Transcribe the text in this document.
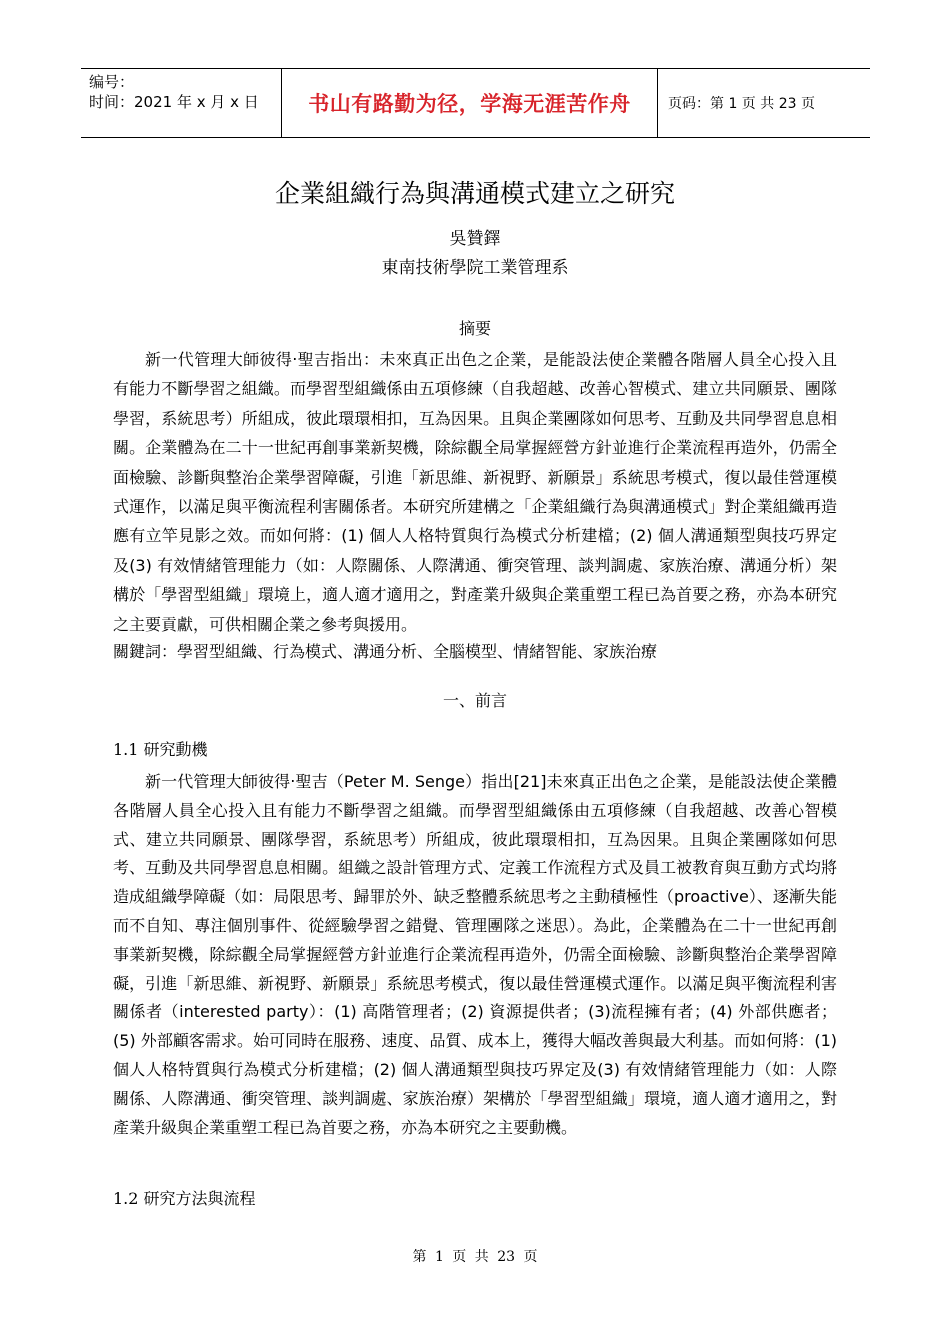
编号：
时间：2021 年 x 月 x 日	书山有路勤为径，学海无涯苦作舟	页码：第 1 页 共 23 页
企業組織行為與溝通模式建立之研究
吳贊鐸
東南技術學院工業管理系
摘要

新一代管理大師彼得‧聖吉指出：未來真正出色之企業，是能設法使企業體各階層人員全心投入且有能力不斷學習之組織。而學習型組織係由五項修練（自我超越、改善心智模式、建立共同願景、團隊學習，系統思考）所組成，彼此環環相扣，互為因果。且與企業團隊如何思考、互動及共同學習息息相關。企業體為在二十一世紀再創事業新契機，除綜觀全局掌握經營方針並進行企業流程再造外，仍需全面檢驗、診斷與整治企業學習障礙，引進「新思維、新視野、新願景」系統思考模式，復以最佳營運模式運作，以滿足與平衡流程利害關係者。本研究所建構之「企業組織行為與溝通模式」對企業組織再造應有立竿見影之效。而如何將：(1) 個人人格特質與行為模式分析建檔；(2) 個人溝通類型與技巧界定及(3) 有效情緒管理能力（如：人際關係、人際溝通、衝突管理、談判調處、家族治療、溝通分析）架構於「學習型組織」環境上，適人適才適用之，對產業升級與企業重塑工程已為首要之務，亦為本研究之主要貢獻，可供相關企業之參考與援用。

關鍵詞：學習型組織、行為模式、溝通分析、全腦模型、情緒智能、家族治療
一、前言
1.1 研究動機

新一代管理大師彼得‧聖吉（Peter M. Senge）指出[21]未來真正出色之企業，是能設法使企業體各階層人員全心投入且有能力不斷學習之組織。而學習型組織係由五項修練（自我超越、改善心智模式、建立共同願景、團隊學習，系統思考）所組成，彼此環環相扣，互為因果。且與企業團隊如何思考、互動及共同學習息息相關。組織之設計管理方式、定義工作流程方式及員工被教育與互動方式均將造成組織學障礙（如：局限思考、歸罪於外、缺乏整體系統思考之主動積極性（proactive）、逐漸失能而不自知、專注個別事件、從經驗學習之錯覺、管理團隊之迷思）。為此，企業體為在二十一世紀再創事業新契機，除綜觀全局掌握經營方針並進行企業流程再造外，仍需全面檢驗、診斷與整治企業學習障礙，引進「新思維、新視野、新願景」系統思考模式，復以最佳營運模式運作。以滿足與平衡流程利害關係者（interested party）：(1) 高階管理者；(2) 資源提供者；(3)流程擁有者；(4) 外部供應者；(5) 外部顧客需求。始可同時在服務、速度、品質、成本上，獲得大幅改善與最大利基。而如何將：(1) 個人人格特質與行為模式分析建檔；(2) 個人溝通類型與技巧界定及(3) 有效情緒管理能力（如：人際關係、人際溝通、衝突管理、談判調處、家族治療）架構於「學習型組織」環境，適人適才適用之，對產業升級與企業重塑工程已為首要之務，亦為本研究之主要動機。

1.2 研究方法與流程
第 1 页 共 23 页
